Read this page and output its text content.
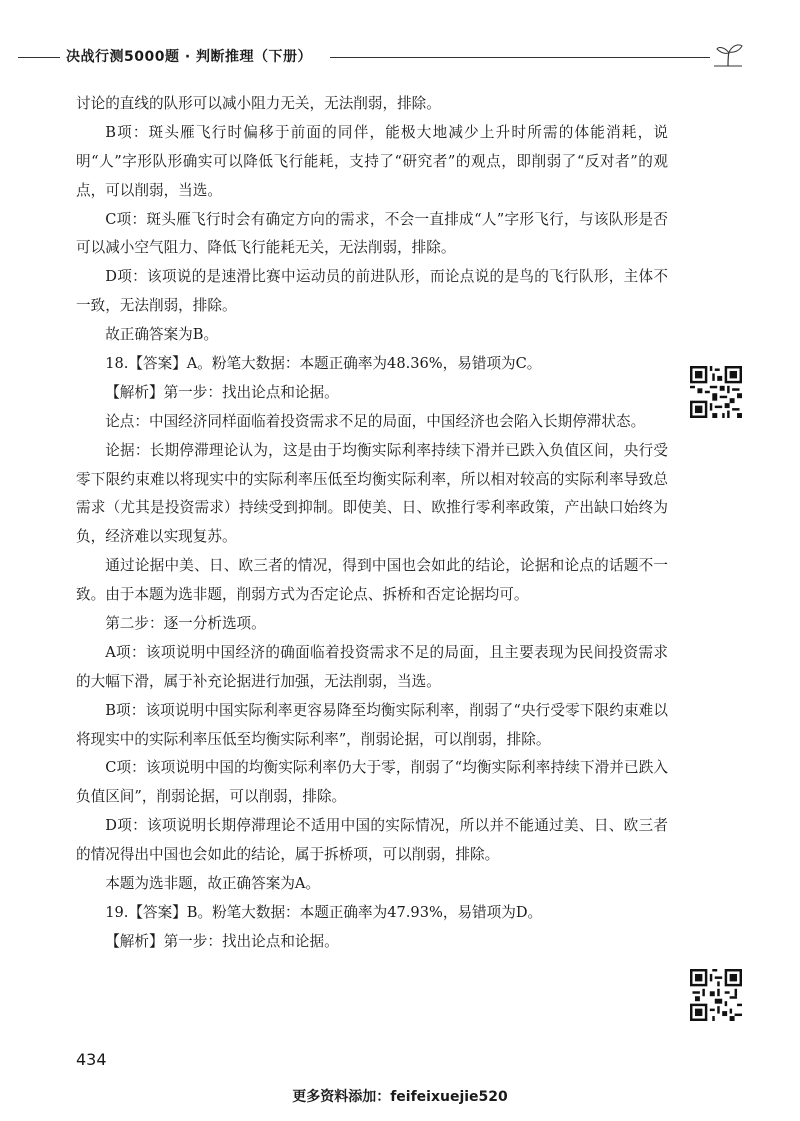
决战行测5000题 · 判断推理（下册）

讨论的直线的队形可以减小阻力无关，无法削弱，排除。

B项：斑头雁飞行时偏移于前面的同伴，能极大地减少上升时所需的体能消耗，说明“人”字形队形确实可以降低飞行能耗，支持了“研究者”的观点，即削弱了“反对者”的观点，可以削弱，当选。

C项：斑头雁飞行时会有确定方向的需求，不会一直排成“人”字形飞行，与该队形是否可以减小空气阻力、降低飞行能耗无关，无法削弱，排除。

D项：该项说的是速滑比赛中运动员的前进队形，而论点说的是鸟的飞行队形，主体不一致，无法削弱，排除。

故正确答案为B。

18.【答案】A。粉笔大数据：本题正确率为48.36%，易错项为C。

【解析】第一步：找出论点和论据。

论点：中国经济同样面临着投资需求不足的局面，中国经济也会陷入长期停滞状态。

论据：长期停滞理论认为，这是由于均衡实际利率持续下滑并已跌入负值区间，央行受零下限约束难以将现实中的实际利率压低至均衡实际利率，所以相对较高的实际利率导致总需求（尤其是投资需求）持续受到抑制。即使美、日、欧推行零利率政策，产出缺口始终为负，经济难以实现复苏。

通过论据中美、日、欧三者的情况，得到中国也会如此的结论，论据和论点的话题不一致。由于本题为选非题，削弱方式为否定论点、拆桥和否定论据均可。

第二步：逐一分析选项。

A项：该项说明中国经济的确面临着投资需求不足的局面，且主要表现为民间投资需求的大幅下滑，属于补充论据进行加强，无法削弱，当选。

B项：该项说明中国实际利率更容易降至均衡实际利率，削弱了“央行受零下限约束难以将现实中的实际利率压低至均衡实际利率”，削弱论据，可以削弱，排除。

C项：该项说明中国的均衡实际利率仍大于零，削弱了“均衡实际利率持续下滑并已跌入负值区间”，削弱论据，可以削弱，排除。

D项：该项说明长期停滞理论不适用中国的实际情况，所以并不能通过美、日、欧三者的情况得出中国也会如此的结论，属于拆桥项，可以削弱，排除。

本题为选非题，故正确答案为A。

19.【答案】B。粉笔大数据：本题正确率为47.93%，易错项为D。

【解析】第一步：找出论点和论据。

434
更多资料添加：feifeixuejie520
